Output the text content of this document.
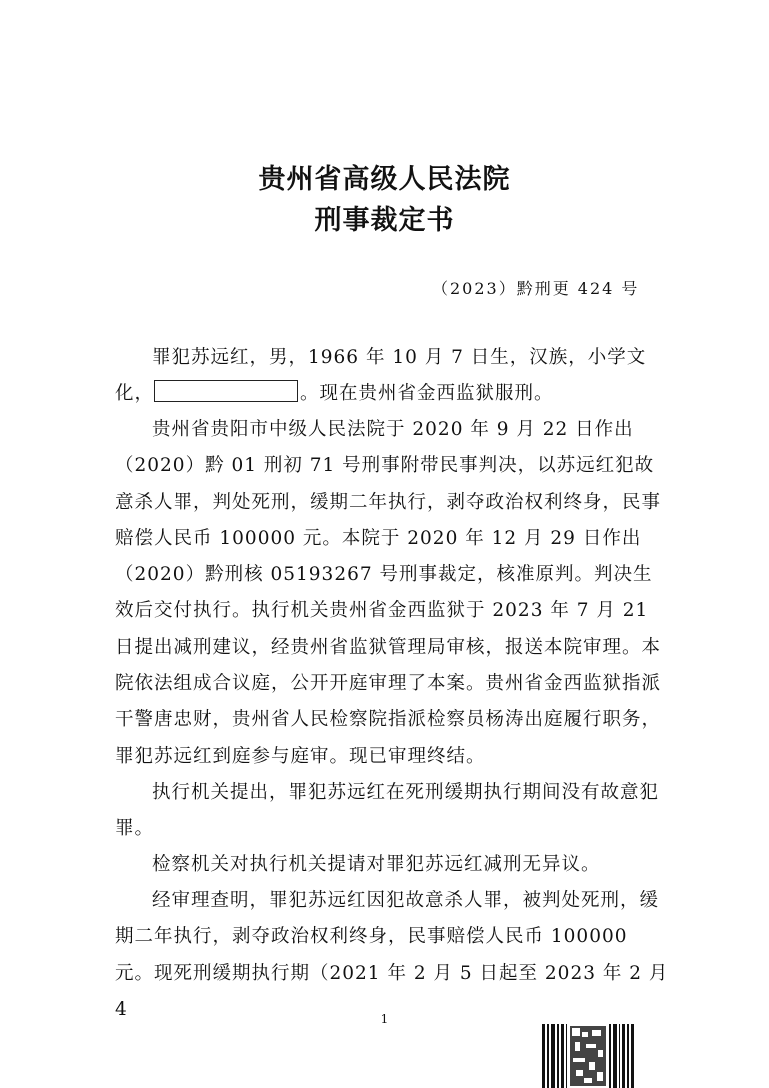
贵州省高级人民法院
刑事裁定书
（2023）黔刑更 424 号
罪犯苏远红，男，1966 年 10 月 7 日生，汉族，小学文化，	。现在贵州省金西监狱服刑。
贵州省贵阳市中级人民法院于 2020 年 9 月 22 日作出（2020）黔 01 刑初 71 号刑事附带民事判决，以苏远红犯故意杀人罪，判处死刑，缓期二年执行，剥夺政治权利终身，民事赔偿人民币 100000 元。本院于 2020 年 12 月 29 日作出（2020）黔刑核 05193267 号刑事裁定，核准原判。判决生效后交付执行。执行机关贵州省金西监狱于 2023 年 7 月 21 日提出减刑建议，经贵州省监狱管理局审核，报送本院审理。本院依法组成合议庭，公开开庭审理了本案。贵州省金西监狱指派干警唐忠财，贵州省人民检察院指派检察员杨涛出庭履行职务，罪犯苏远红到庭参与庭审。现已审理终结。
执行机关提出，罪犯苏远红在死刑缓期执行期间没有故意犯罪。
检察机关对执行机关提请对罪犯苏远红减刑无异议。
经审理查明，罪犯苏远红因犯故意杀人罪，被判处死刑，缓期二年执行，剥夺政治权利终身，民事赔偿人民币 100000 元。现死刑缓期执行期（2021 年 2 月 5 日起至 2023 年 2 月 4	1
